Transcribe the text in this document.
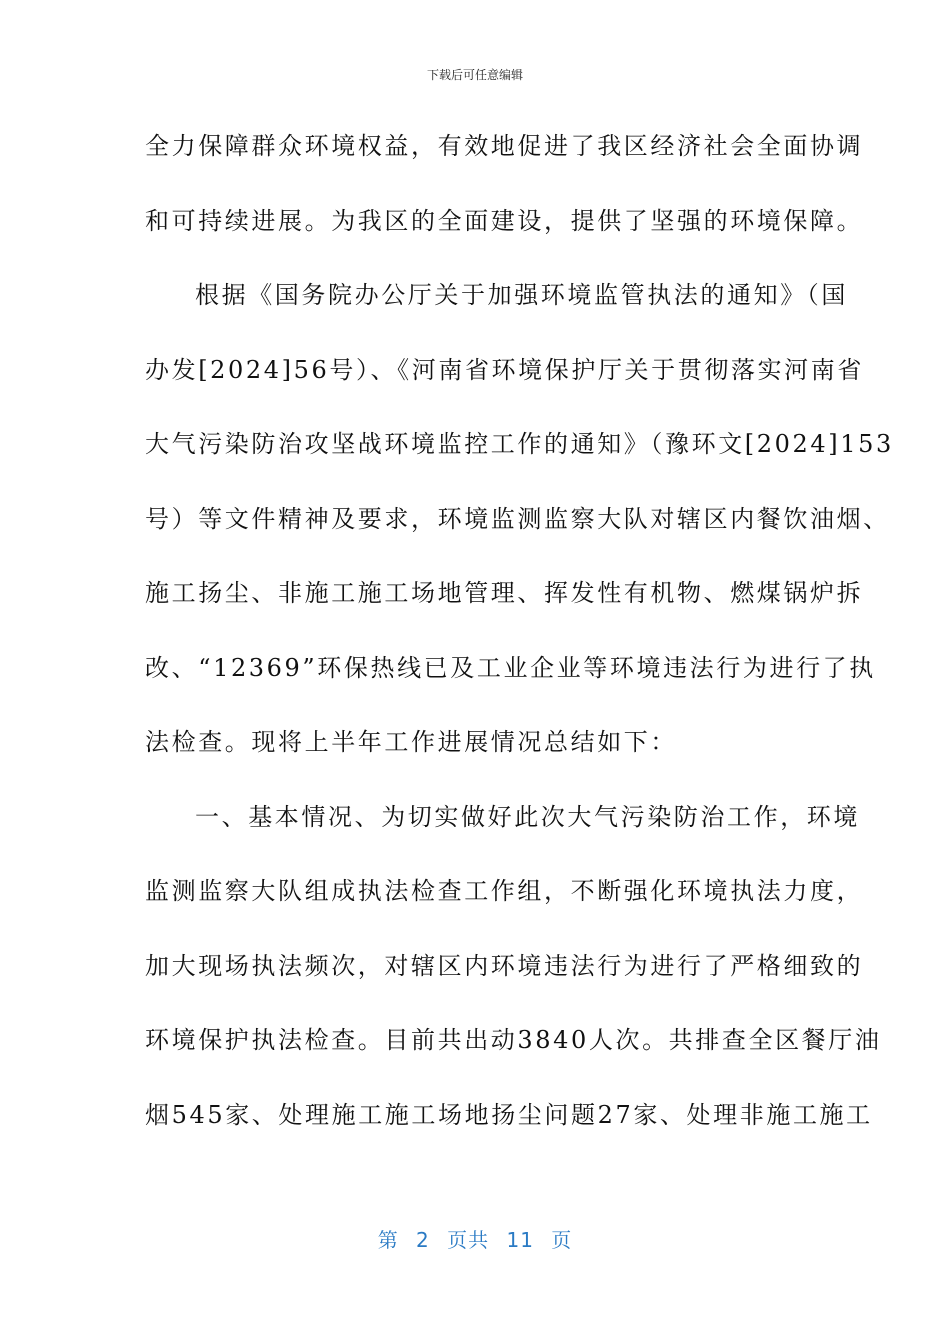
下载后可任意编辑
全力保障群众环境权益，有效地促进了我区经济社会全面协调
和可持续进展。为我区的全面建设，提供了坚强的环境保障。
根据《国务院办公厅关于加强环境监管执法的通知》（国
办发[2024]56号）、《河南省环境保护厅关于贯彻落实河南省
大气污染防治攻坚战环境监控工作的通知》（豫环文[2024]153
号）等文件精神及要求，环境监测监察大队对辖区内餐饮油烟、
施工扬尘、非施工施工场地管理、挥发性有机物、燃煤锅炉拆
改、“12369”环保热线已及工业企业等环境违法行为进行了执
法检查。现将上半年工作进展情况总结如下：
一、基本情况、为切实做好此次大气污染防治工作，环境
监测监察大队组成执法检查工作组，不断强化环境执法力度，
加大现场执法频次，对辖区内环境违法行为进行了严格细致的
环境保护执法检查。目前共出动3840人次。共排查全区餐厅油
烟545家、处理施工施工场地扬尘问题27家、处理非施工施工
第 2 页共 11 页
